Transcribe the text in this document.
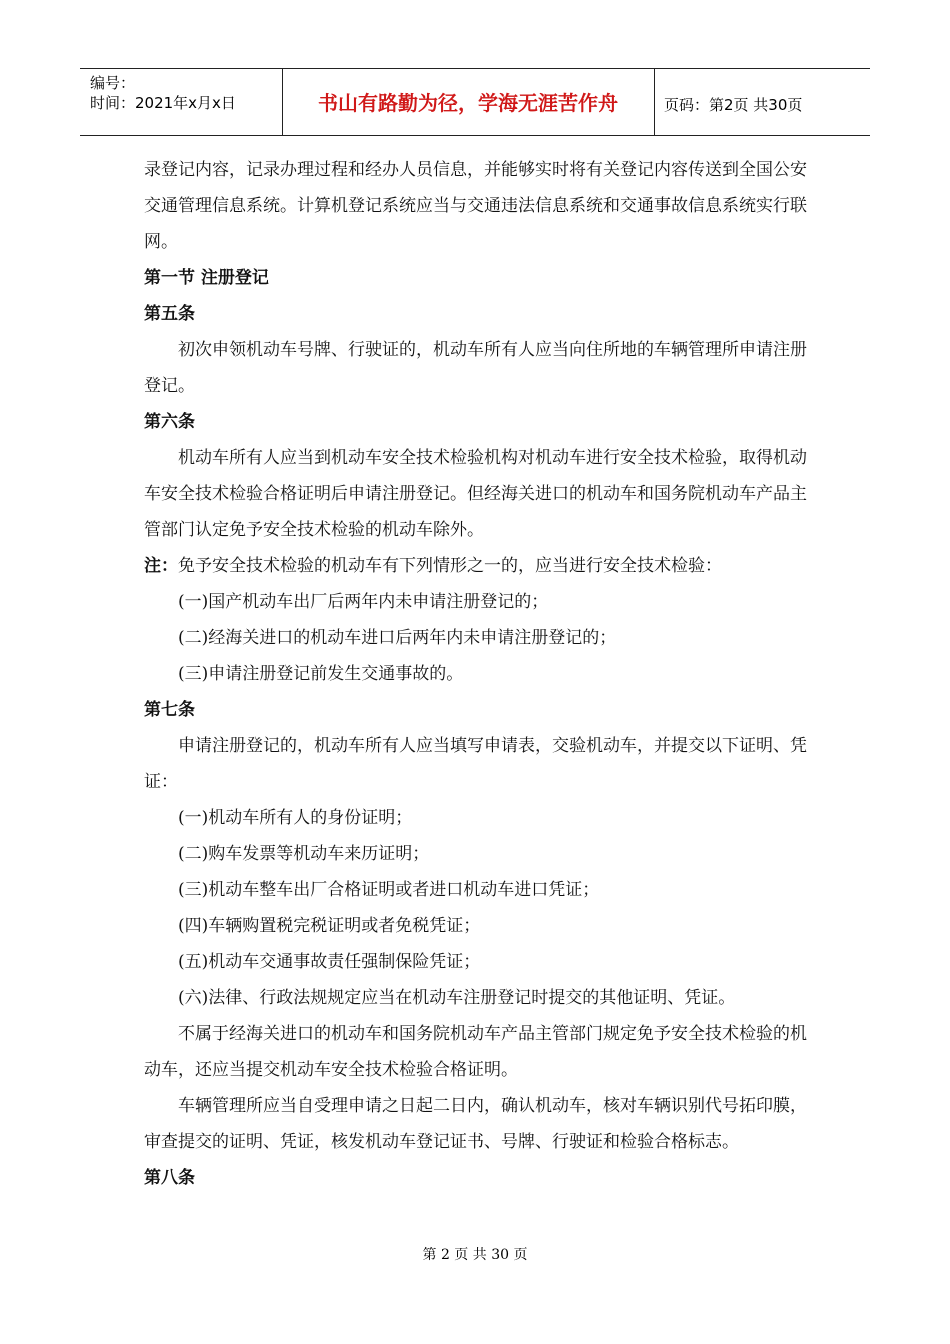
编号：
时间：2021年x月x日	书山有路勤为径，学海无涯苦作舟	页码：第2页 共30页

录登记内容，记录办理过程和经办人员信息，并能够实时将有关登记内容传送到全国公安交通管理信息系统。计算机登记系统应当与交通违法信息系统和交通事故信息系统实行联网。

第一节 注册登记

第五条

初次申领机动车号牌、行驶证的，机动车所有人应当向住所地的车辆管理所申请注册登记。

第六条

机动车所有人应当到机动车安全技术检验机构对机动车进行安全技术检验，取得机动车安全技术检验合格证明后申请注册登记。但经海关进口的机动车和国务院机动车产品主管部门认定免予安全技术检验的机动车除外。

注：免予安全技术检验的机动车有下列情形之一的，应当进行安全技术检验：

(一)国产机动车出厂后两年内未申请注册登记的；

(二)经海关进口的机动车进口后两年内未申请注册登记的；

(三)申请注册登记前发生交通事故的。

第七条

申请注册登记的，机动车所有人应当填写申请表，交验机动车，并提交以下证明、凭证：

(一)机动车所有人的身份证明；

(二)购车发票等机动车来历证明；

(三)机动车整车出厂合格证明或者进口机动车进口凭证；

(四)车辆购置税完税证明或者免税凭证；

(五)机动车交通事故责任强制保险凭证；

(六)法律、行政法规规定应当在机动车注册登记时提交的其他证明、凭证。

不属于经海关进口的机动车和国务院机动车产品主管部门规定免予安全技术检验的机动车，还应当提交机动车安全技术检验合格证明。

车辆管理所应当自受理申请之日起二日内，确认机动车，核对车辆识别代号拓印膜，审查提交的证明、凭证，核发机动车登记证书、号牌、行驶证和检验合格标志。

第八条

第 2 页 共 30 页
